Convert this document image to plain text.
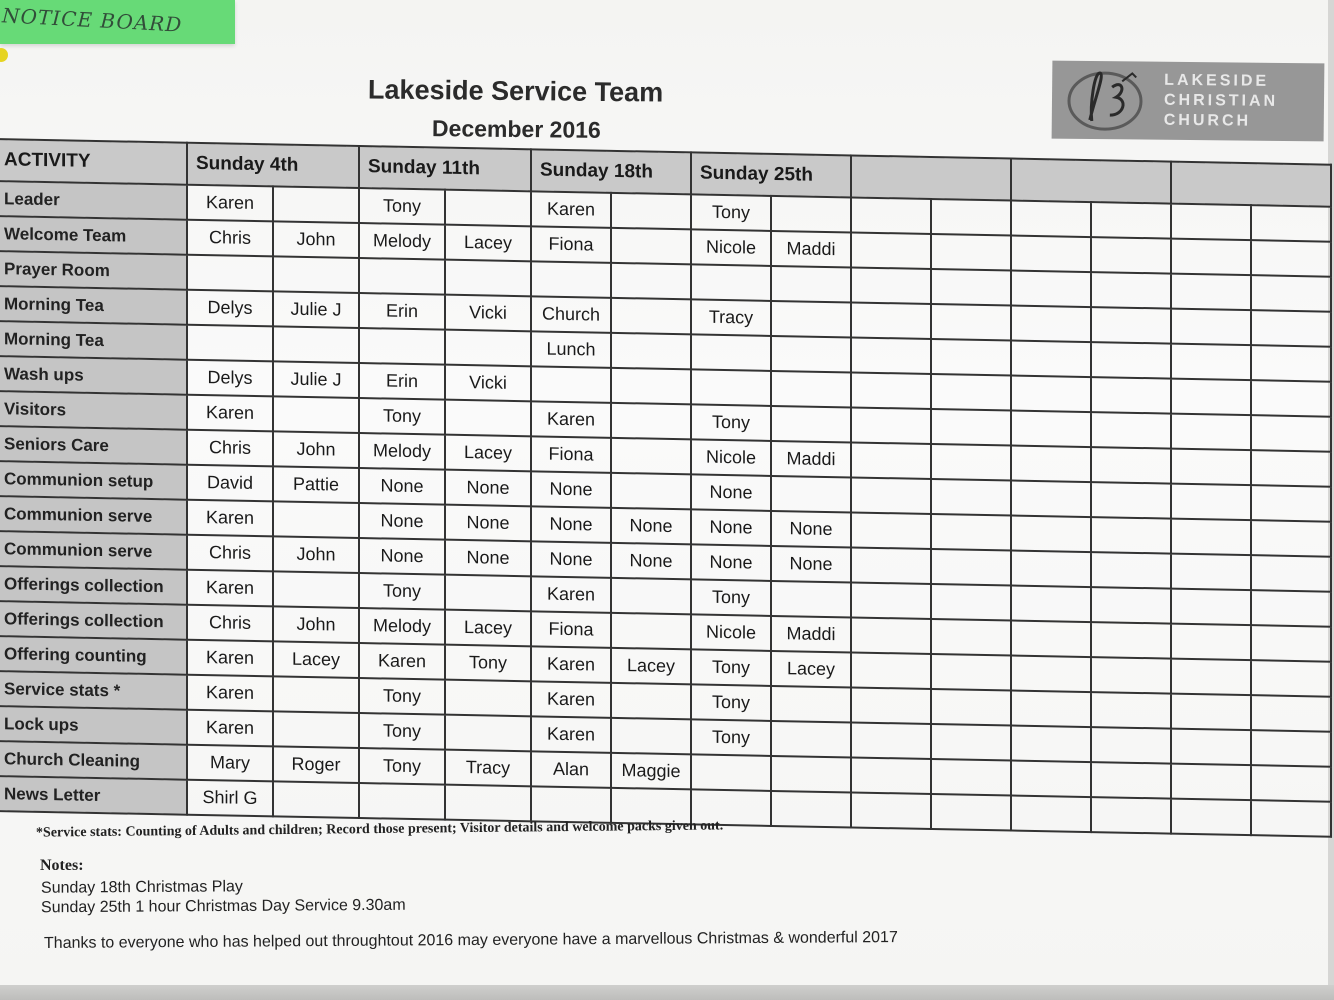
NOTICE BOARD
Lakeside Service Team
December 2016
LAKESIDE
CHRISTIAN
CHURCH
ACTIVITY	Sunday 4th		Sunday 11th		Sunday 18th		Sunday 25th							
Leader	Karen		Tony		Karen		Tony							
Welcome Team	Chris	John	Melody	Lacey	Fiona		Nicole	Maddi						
Prayer Room														
Morning Tea	Delys	Julie J	Erin	Vicki	Church		Tracy							
Morning Tea					Lunch									
Wash ups	Delys	Julie J	Erin	Vicki										
Visitors	Karen		Tony		Karen		Tony							
Seniors Care	Chris	John	Melody	Lacey	Fiona		Nicole	Maddi						
Communion setup	David	Pattie	None	None	None		None							
Communion serve	Karen		None	None	None	None	None	None						
Communion serve	Chris	John	None	None	None	None	None	None						
Offerings collection	Karen		Tony		Karen		Tony							
Offerings collection	Chris	John	Melody	Lacey	Fiona		Nicole	Maddi						
Offering counting	Karen	Lacey	Karen	Tony	Karen	Lacey	Tony	Lacey						
Service stats *	Karen		Tony		Karen		Tony							
Lock ups	Karen		Tony		Karen		Tony							
Church Cleaning	Mary	Roger	Tony	Tracy	Alan	Maggie								
News Letter	Shirl G													
*Service stats: Counting of Adults and children; Record those present; Visitor details and welcome packs given out.
Notes:
Sunday 18th Christmas Play
Sunday 25th 1 hour Christmas Day Service 9.30am
Thanks to everyone who has helped out throughtout 2016 may everyone have a marvellous Christmas & wonderful 2017
